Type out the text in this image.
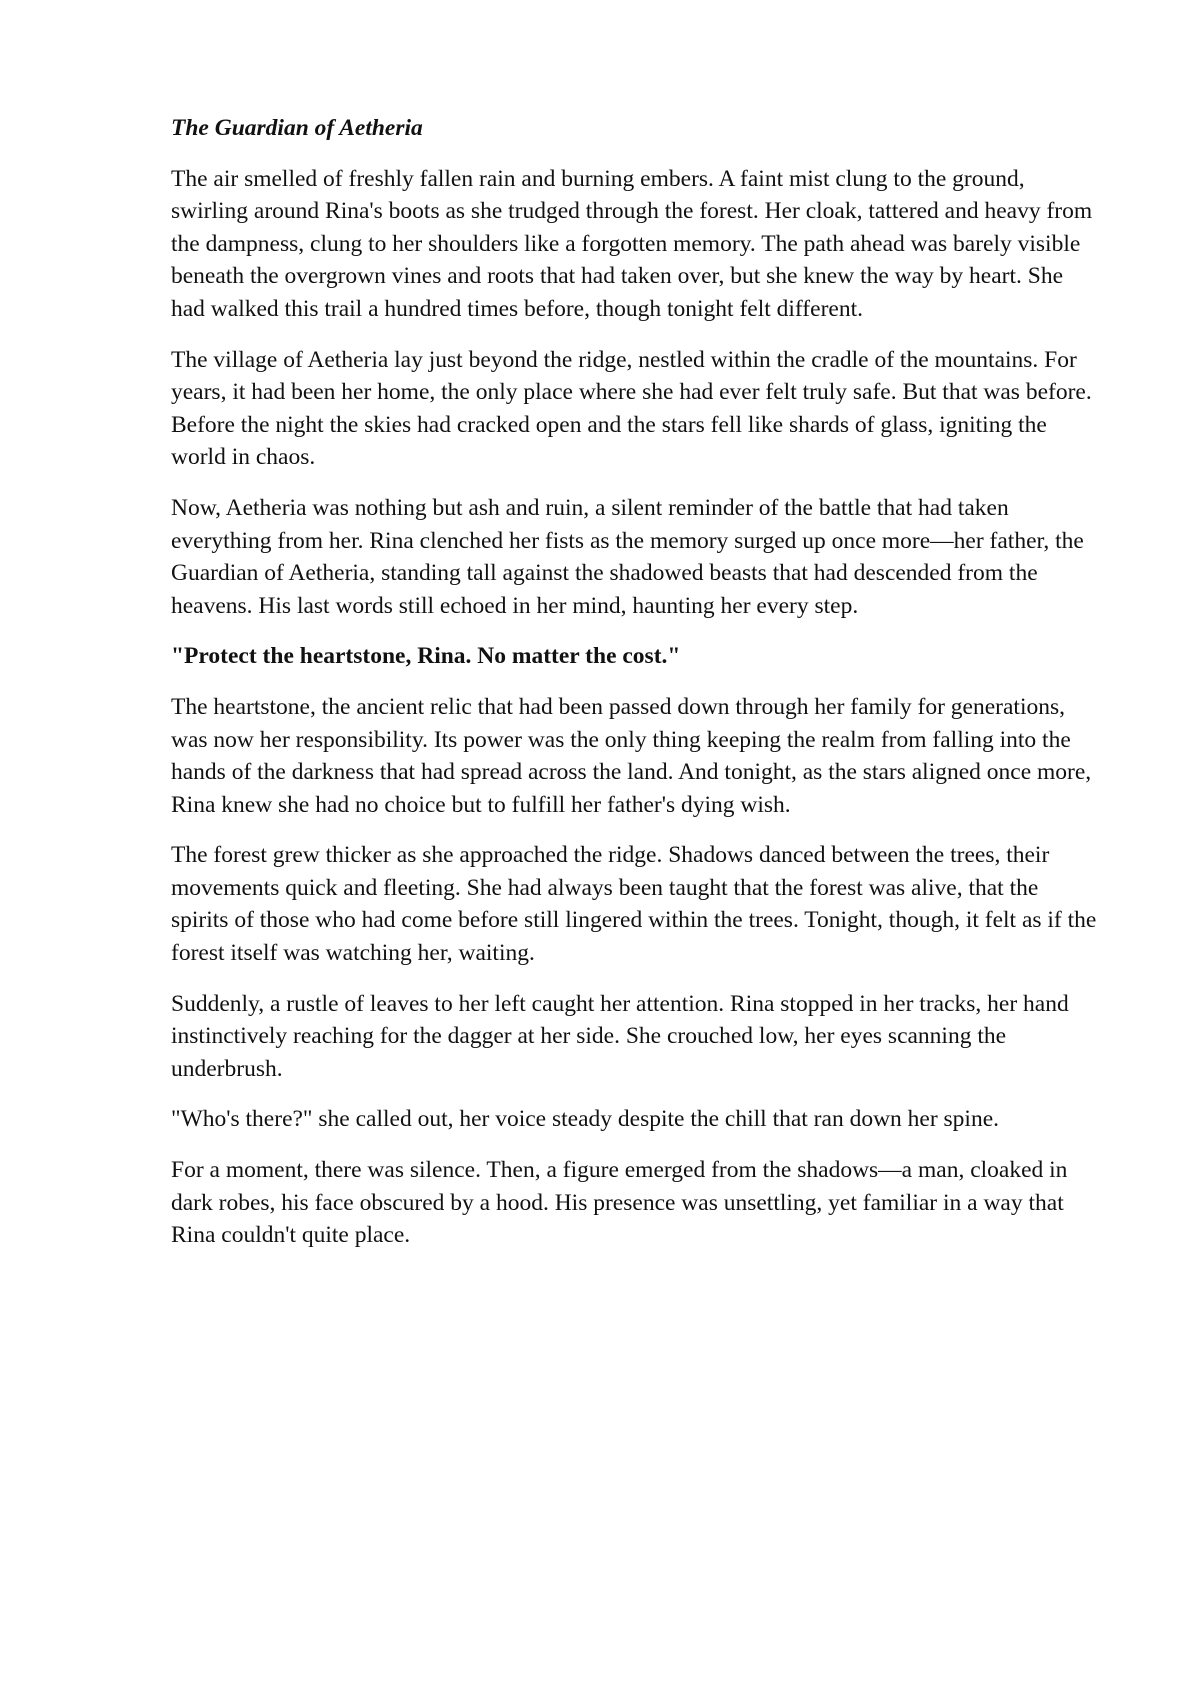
The Guardian of Aetheria

The air smelled of freshly fallen rain and burning embers. A faint mist clung to the ground, swirling around Rina's boots as she trudged through the forest. Her cloak, tattered and heavy from the dampness, clung to her shoulders like a forgotten memory. The path ahead was barely visible beneath the overgrown vines and roots that had taken over, but she knew the way by heart. She had walked this trail a hundred times before, though tonight felt different.

The village of Aetheria lay just beyond the ridge, nestled within the cradle of the mountains. For years, it had been her home, the only place where she had ever felt truly safe. But that was before. Before the night the skies had cracked open and the stars fell like shards of glass, igniting the world in chaos.

Now, Aetheria was nothing but ash and ruin, a silent reminder of the battle that had taken everything from her. Rina clenched her fists as the memory surged up once more—her father, the Guardian of Aetheria, standing tall against the shadowed beasts that had descended from the heavens. His last words still echoed in her mind, haunting her every step.

"Protect the heartstone, Rina. No matter the cost."

The heartstone, the ancient relic that had been passed down through her family for generations, was now her responsibility. Its power was the only thing keeping the realm from falling into the hands of the darkness that had spread across the land. And tonight, as the stars aligned once more, Rina knew she had no choice but to fulfill her father's dying wish.

The forest grew thicker as she approached the ridge. Shadows danced between the trees, their movements quick and fleeting. She had always been taught that the forest was alive, that the spirits of those who had come before still lingered within the trees. Tonight, though, it felt as if the forest itself was watching her, waiting.

Suddenly, a rustle of leaves to her left caught her attention. Rina stopped in her tracks, her hand instinctively reaching for the dagger at her side. She crouched low, her eyes scanning the underbrush.

"Who's there?" she called out, her voice steady despite the chill that ran down her spine.

For a moment, there was silence. Then, a figure emerged from the shadows—a man, cloaked in dark robes, his face obscured by a hood. His presence was unsettling, yet familiar in a way that Rina couldn't quite place.
